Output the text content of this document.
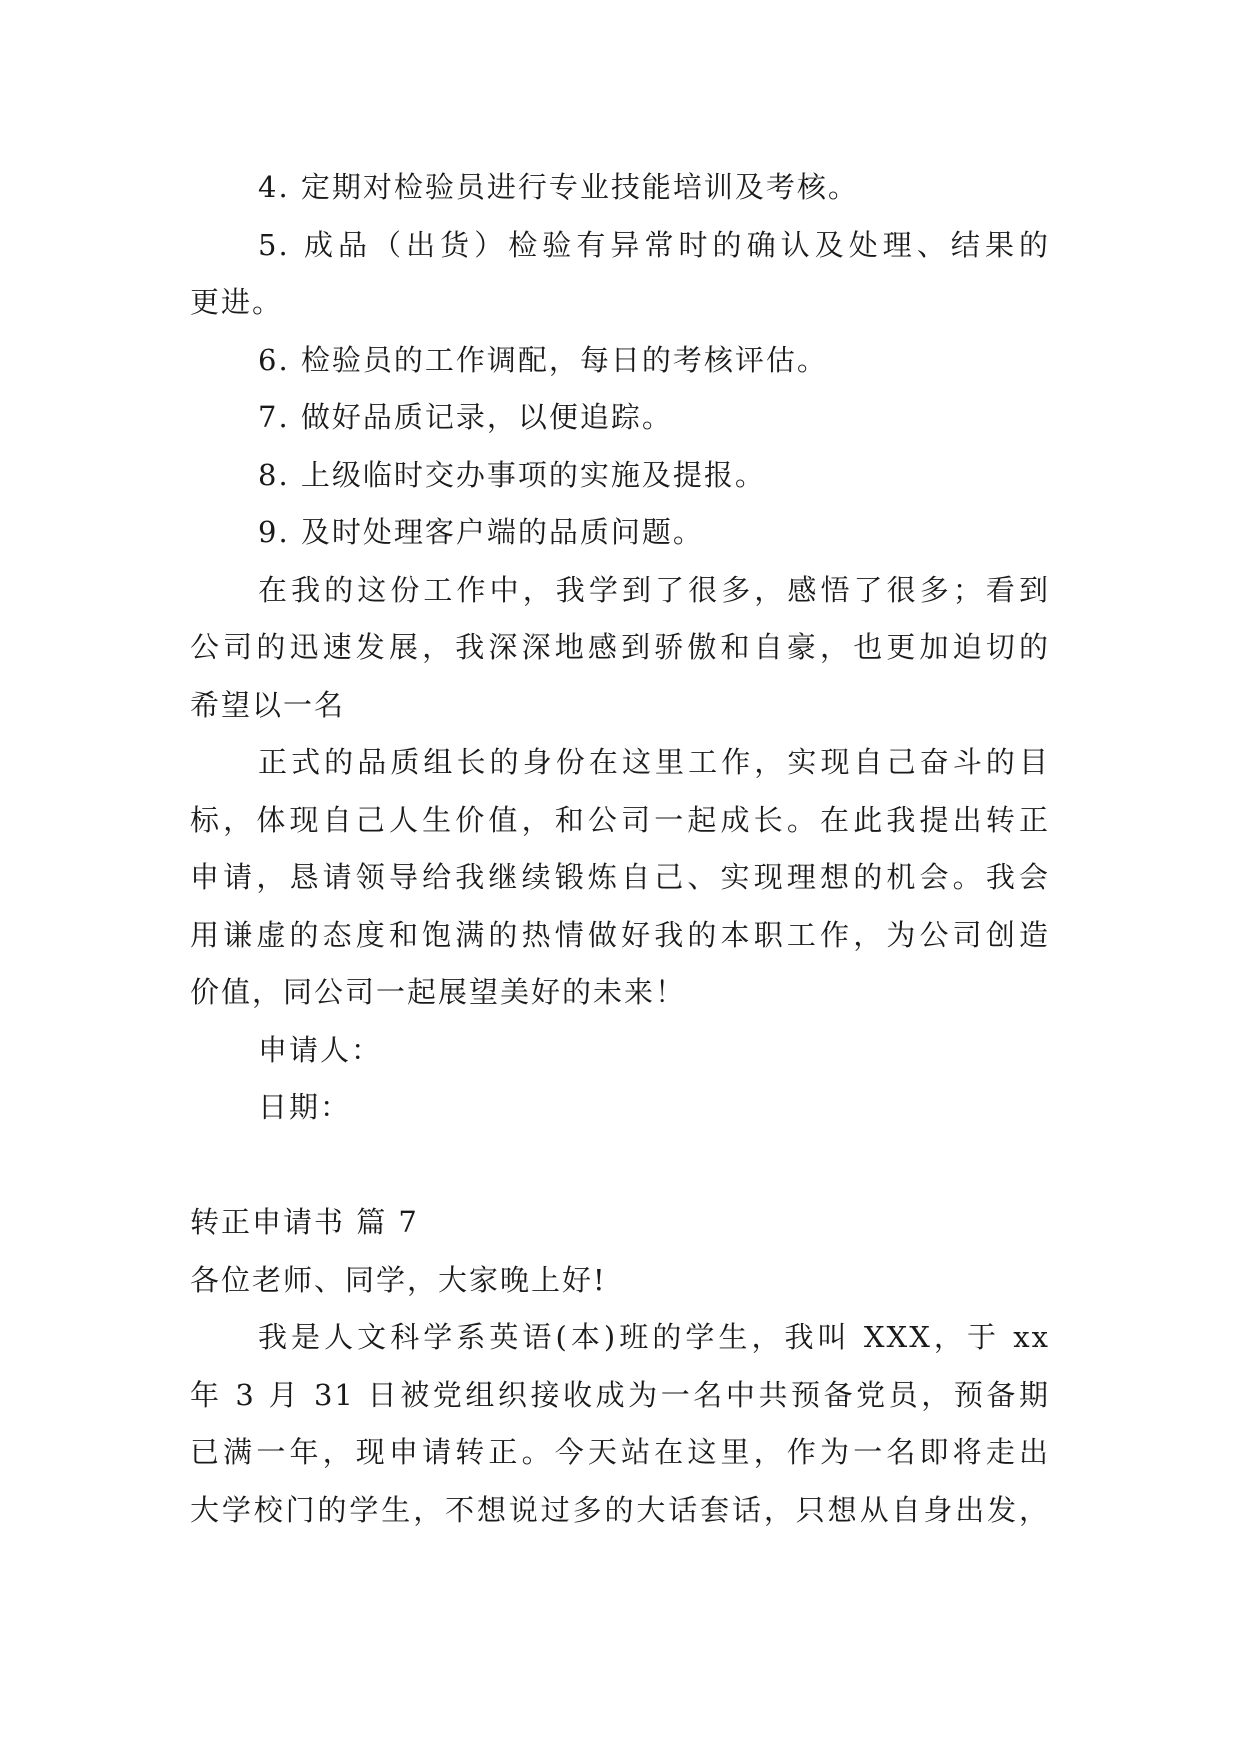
4. 定期对检验员进行专业技能培训及考核。
5. 成品（出货）检验有异常时的确认及处理、结果的
更进。
6. 检验员的工作调配，每日的考核评估。
7. 做好品质记录，以便追踪。
8. 上级临时交办事项的实施及提报。
9. 及时处理客户端的品质问题。
在我的这份工作中，我学到了很多，感悟了很多；看到
公司的迅速发展，我深深地感到骄傲和自豪，也更加迫切的
希望以一名
正式的品质组长的身份在这里工作，实现自己奋斗的目
标，体现自己人生价值，和公司一起成长。在此我提出转正
申请，恳请领导给我继续锻炼自己、实现理想的机会。我会
用谦虚的态度和饱满的热情做好我的本职工作，为公司创造
价值，同公司一起展望美好的未来！
申请人：
日期：
转正申请书 篇 7
各位老师、同学，大家晚上好!
我是人文科学系英语(本)班的学生，我叫 XXX，于 xx
年 3 月 31 日被党组织接收成为一名中共预备党员，预备期
已满一年，现申请转正。今天站在这里，作为一名即将走出
大学校门的学生，不想说过多的大话套话，只想从自身出发，
